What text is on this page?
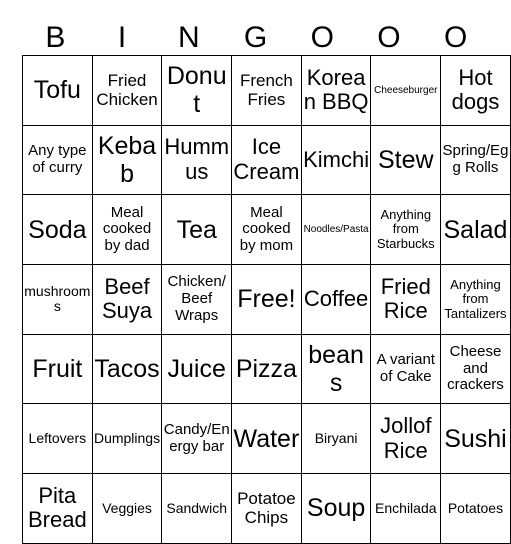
B	I	N	G	O	O	O
Tofu	Fried Chicken	Donut	French Fries	Korean BBQ	Cheeseburger	Hot dogs
Any type of curry	Kebab	Hummus	Ice Cream	Kimchi	Stew	Spring/Egg Rolls
Soda	Meal cooked by dad	Tea	Meal cooked by mom	Noodles/Pasta	Anything from Starbucks	Salad
mushrooms	Beef Suya	Chicken/Beef Wraps	Free!	Coffee	Fried Rice	Anything from Tantalizers
Fruit	Tacos	Juice	Pizza	beans	A variant of Cake	Cheese and crackers
Leftovers	Dumplings	Candy/Energy bar	Water	Biryani	Jollof Rice	Sushi
Pita Bread	Veggies	Sandwich	Potatoe Chips	Soup	Enchilada	Potatoes
